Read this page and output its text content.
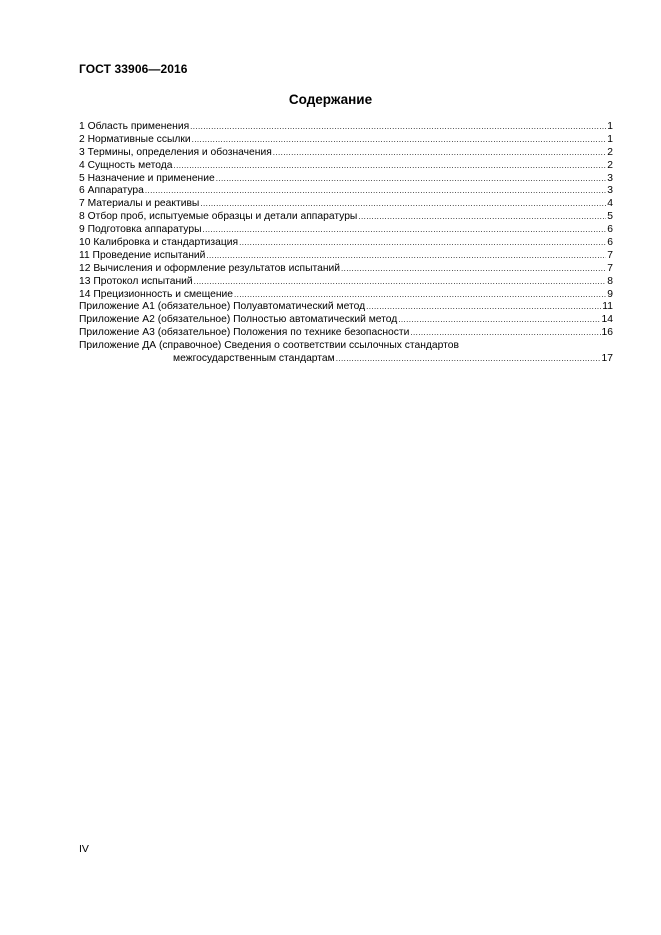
ГОСТ 33906—2016
Содержание
1 Область применения .....	1
2 Нормативные ссылки .....	1
3 Термины, определения и обозначения .....	2
4 Сущность метода .....	2
5 Назначение и применение .....	3
6 Аппаратура .....	3
7 Материалы и реактивы .....	4
8 Отбор проб, испытуемые образцы и детали аппаратуры .....	5
9 Подготовка аппаратуры .....	6
10 Калибровка и стандартизация .....	6
11 Проведение испытаний .....	7
12 Вычисления и оформление результатов испытаний .....	7
13 Протокол испытаний .....	8
14 Прецизионность и смещение .....	9
Приложение А1 (обязательное) Полуавтоматический метод .....	11
Приложение А2 (обязательное) Полностью автоматический метод .....	14
Приложение А3 (обязательное) Положения по технике безопасности .....	16
Приложение ДА (справочное) Сведения о соответствии ссылочных стандартов
межгосударственным стандартам .....	17
IV
